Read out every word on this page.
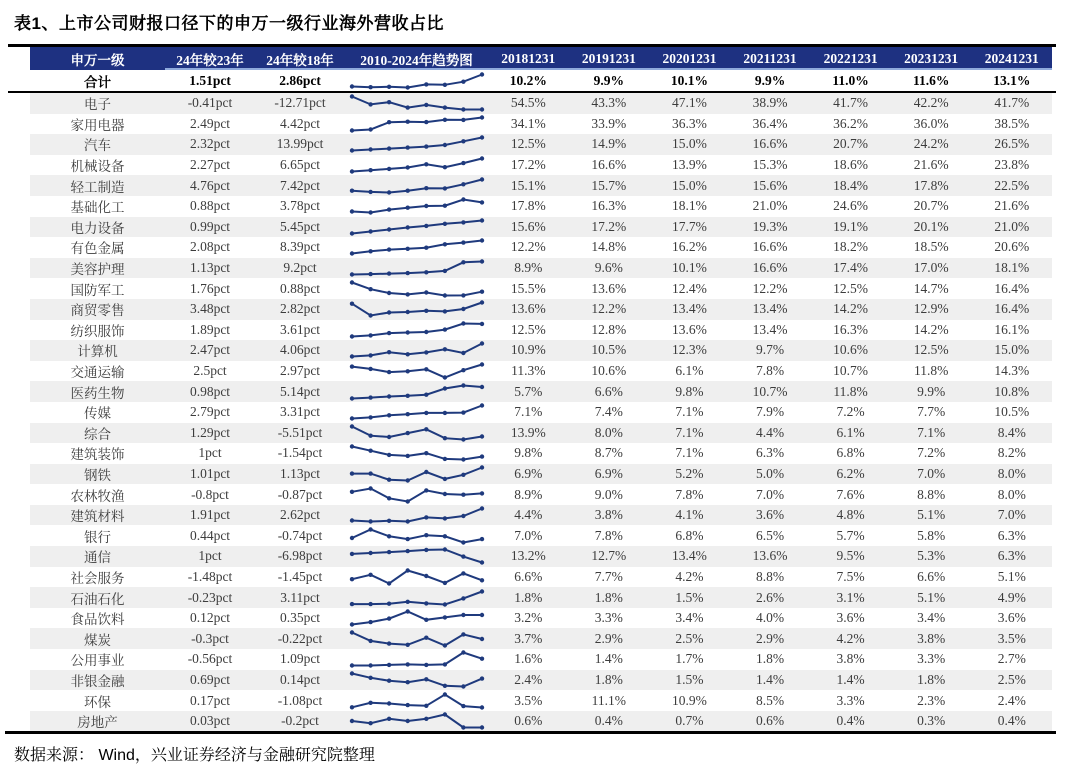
表1、上市公司财报口径下的申万一级行业海外营收占比
申万一级	24年较23年	24年较18年	2010-2024年趋势图	20181231	20191231	20201231	20211231	20221231	20231231	20241231
合计	1.51pct	2.86pct	10.2%	9.9%	10.1%	9.9%	11.0%	11.6%	13.1%
电子	-0.41pct	-12.71pct	54.5%	43.3%	47.1%	38.9%	41.7%	42.2%	41.7%
家用电器	2.49pct	4.42pct	34.1%	33.9%	36.3%	36.4%	36.2%	36.0%	38.5%
汽车	2.32pct	13.99pct	12.5%	14.9%	15.0%	16.6%	20.7%	24.2%	26.5%
机械设备	2.27pct	6.65pct	17.2%	16.6%	13.9%	15.3%	18.6%	21.6%	23.8%
轻工制造	4.76pct	7.42pct	15.1%	15.7%	15.0%	15.6%	18.4%	17.8%	22.5%
基础化工	0.88pct	3.78pct	17.8%	16.3%	18.1%	21.0%	24.6%	20.7%	21.6%
电力设备	0.99pct	5.45pct	15.6%	17.2%	17.7%	19.3%	19.1%	20.1%	21.0%
有色金属	2.08pct	8.39pct	12.2%	14.8%	16.2%	16.6%	18.2%	18.5%	20.6%
美容护理	1.13pct	9.2pct	8.9%	9.6%	10.1%	16.6%	17.4%	17.0%	18.1%
国防军工	1.76pct	0.88pct	15.5%	13.6%	12.4%	12.2%	12.5%	14.7%	16.4%
商贸零售	3.48pct	2.82pct	13.6%	12.2%	13.4%	13.4%	14.2%	12.9%	16.4%
纺织服饰	1.89pct	3.61pct	12.5%	12.8%	13.6%	13.4%	16.3%	14.2%	16.1%
计算机	2.47pct	4.06pct	10.9%	10.5%	12.3%	9.7%	10.6%	12.5%	15.0%
交通运输	2.5pct	2.97pct	11.3%	10.6%	6.1%	7.8%	10.7%	11.8%	14.3%
医药生物	0.98pct	5.14pct	5.7%	6.6%	9.8%	10.7%	11.8%	9.9%	10.8%
传媒	2.79pct	3.31pct	7.1%	7.4%	7.1%	7.9%	7.2%	7.7%	10.5%
综合	1.29pct	-5.51pct	13.9%	8.0%	7.1%	4.4%	6.1%	7.1%	8.4%
建筑装饰	1pct	-1.54pct	9.8%	8.7%	7.1%	6.3%	6.8%	7.2%	8.2%
钢铁	1.01pct	1.13pct	6.9%	6.9%	5.2%	5.0%	6.2%	7.0%	8.0%
农林牧渔	-0.8pct	-0.87pct	8.9%	9.0%	7.8%	7.0%	7.6%	8.8%	8.0%
建筑材料	1.91pct	2.62pct	4.4%	3.8%	4.1%	3.6%	4.8%	5.1%	7.0%
银行	0.44pct	-0.74pct	7.0%	7.8%	6.8%	6.5%	5.7%	5.8%	6.3%
通信	1pct	-6.98pct	13.2%	12.7%	13.4%	13.6%	9.5%	5.3%	6.3%
社会服务	-1.48pct	-1.45pct	6.6%	7.7%	4.2%	8.8%	7.5%	6.6%	5.1%
石油石化	-0.23pct	3.11pct	1.8%	1.8%	1.5%	2.6%	3.1%	5.1%	4.9%
食品饮料	0.12pct	0.35pct	3.2%	3.3%	3.4%	4.0%	3.6%	3.4%	3.6%
煤炭	-0.3pct	-0.22pct	3.7%	2.9%	2.5%	2.9%	4.2%	3.8%	3.5%
公用事业	-0.56pct	1.09pct	1.6%	1.4%	1.7%	1.8%	3.8%	3.3%	2.7%
非银金融	0.69pct	0.14pct	2.4%	1.8%	1.5%	1.4%	1.4%	1.8%	2.5%
环保	0.17pct	-1.08pct	3.5%	11.1%	10.9%	8.5%	3.3%	2.3%	2.4%
房地产	0.03pct	-0.2pct	0.6%	0.4%	0.7%	0.6%	0.4%	0.3%	0.4%
数据来源： Wind，兴业证券经济与金融研究院整理
